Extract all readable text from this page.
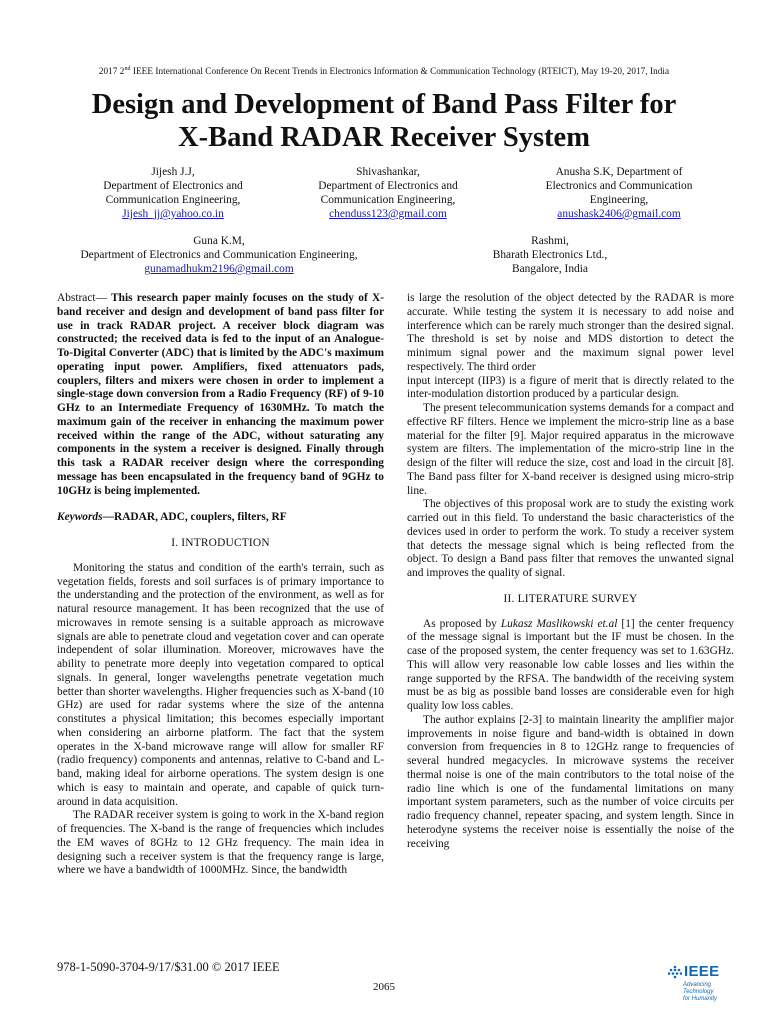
2017 2nd IEEE International Conference On Recent Trends in Electronics Information & Communication Technology (RTEICT), May 19-20, 2017, India
Design and Development of Band Pass Filter for
X-Band RADAR Receiver System
Jijesh J.J,
Department of Electronics and
Communication Engineering,
Jijesh_jj@yahoo.co.in
Shivashankar,
Department of Electronics and
Communication Engineering,
chenduss123@gmail.com
Anusha S.K, Department of
Electronics and Communication
Engineering,
anushask2406@gmail.com
Guna K.M,
Department of Electronics and Communication Engineering,
gunamadhukm2196@gmail.com
Rashmi,
Bharath Electronics Ltd.,
Bangalore, India

Abstract— This research paper mainly focuses on the study of X-band receiver and design and development of band pass filter for use in track RADAR project. A receiver block diagram was constructed; the received data is fed to the input of an Analogue-To-Digital Converter (ADC) that is limited by the ADC's maximum operating input power. Amplifiers, fixed attenuators pads, couplers, filters and mixers were chosen in order to implement a single-stage down conversion from a Radio Frequency (RF) of 9-10 GHz to an Intermediate Frequency of 1630MHz. To match the maximum gain of the receiver in enhancing the maximum power received within the range of the ADC, without saturating any components in the system a receiver is designed. Finally through this task a RADAR receiver design where the corresponding message has been encapsulated in the frequency band of 9GHz to 10GHz is being implemented.

Keywords—RADAR, ADC, couplers, filters, RF

I. INTRODUCTION

Monitoring the status and condition of the earth's terrain, such as vegetation fields, forests and soil surfaces is of primary importance to the understanding and the protection of the environment, as well as for natural resource management. It has been recognized that the use of microwaves in remote sensing is a suitable approach as microwave signals are able to penetrate cloud and vegetation cover and can operate independent of solar illumination. Moreover, microwaves have the ability to penetrate more deeply into vegetation compared to optical signals. In general, longer wavelengths penetrate vegetation much better than shorter wavelengths. Higher frequencies such as X-band (10 GHz) are used for radar systems where the size of the antenna constitutes a physical limitation; this becomes especially important when considering an airborne platform. The fact that the system operates in the X-band microwave range will allow for smaller RF (radio frequency) components and antennas, relative to C-band and L-band, making ideal for airborne operations. The system design is one which is easy to maintain and operate, and capable of quick turn-around in data acquisition.

The RADAR receiver system is going to work in the X-band region of frequencies. The X-band is the range of frequencies which includes the EM waves of 8GHz to 12 GHz frequency. The main idea in designing such a receiver system is that the frequency range is large, where we have a bandwidth of 1000MHz. Since, the bandwidth

is large the resolution of the object detected by the RADAR is more accurate. While testing the system it is necessary to add noise and interference which can be rarely much stronger than the desired signal. The threshold is set by noise and MDS distortion to detect the minimum signal power and the maximum signal power level respectively. The third order

input intercept (IIP3) is a figure of merit that is directly related to the inter-modulation distortion produced by a particular design.

The present telecommunication systems demands for a compact and effective RF filters. Hence we implement the micro-strip line as a base material for the filter [9]. Major required apparatus in the microwave system are filters. The implementation of the micro-strip line in the design of the filter will reduce the size, cost and load in the circuit [8]. The Band pass filter for X-band receiver is designed using micro-strip line.

The objectives of this proposal work are to study the existing work carried out in this field. To understand the basic characteristics of the devices used in order to perform the work. To study a receiver system that detects the message signal which is being reflected from the object. To design a Band pass filter that removes the unwanted signal and improves the quality of signal.

II. LITERATURE SURVEY

As proposed by Lukasz Maslikowski et.al [1] the center frequency of the message signal is important but the IF must be chosen. In the case of the proposed system, the center frequency was set to 1.63GHz. This will allow very reasonable low cable losses and lies within the range supported by the RFSA. The bandwidth of the receiving system must be as big as possible band losses are considerable even for high quality low loss cables.

The author explains [2-3] to maintain linearity the amplifier major improvements in noise figure and band-width is obtained in down conversion from frequencies in 8 to 12GHz range to frequencies of several hundred megacycles. In microwave systems the receiver thermal noise is one of the main contributors to the total noise of the radio line which is one of the fundamental limitations on many important system parameters, such as the number of voice circuits per radio frequency channel, repeater spacing, and system length. Since in heterodyne systems the receiver noise is essentially the noise of the receiving

978-1-5090-3704-9/17/$31.00 © 2017 IEEE
2065
IEEE
Advancing Technology
for Humanity
